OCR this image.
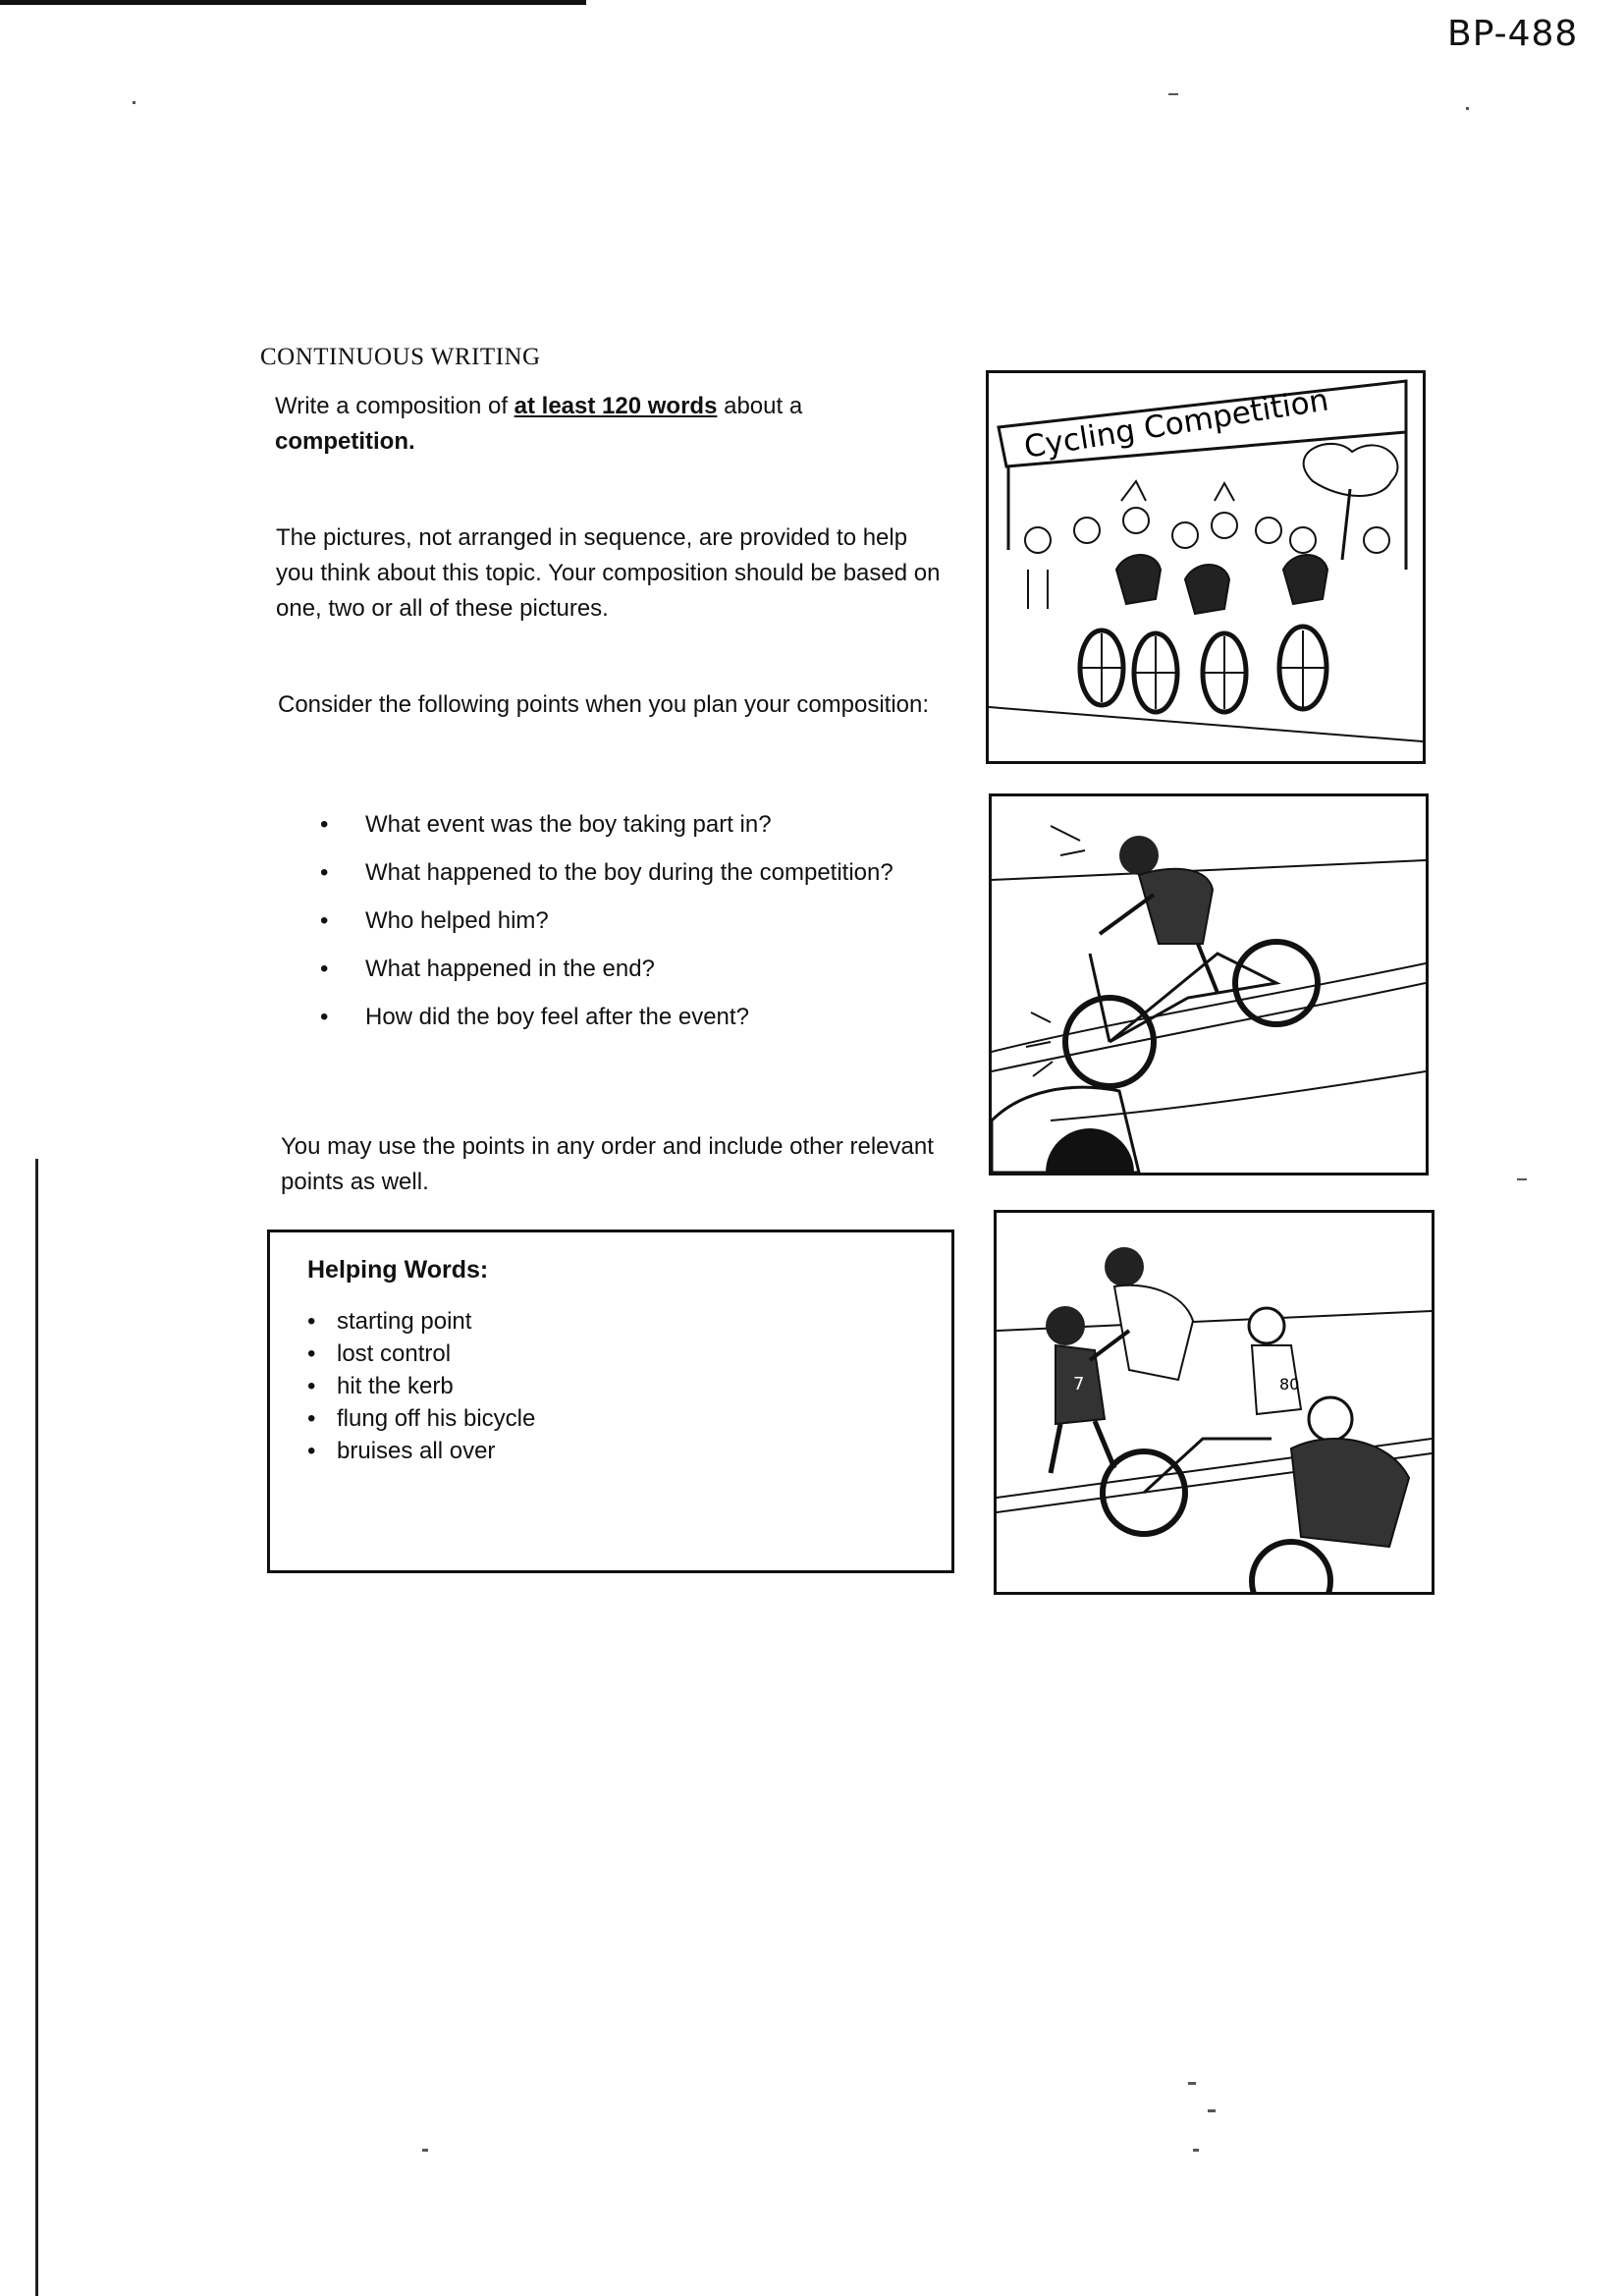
BP-488
CONTINUOUS WRITING
Write a composition of at least 120 words about a
competition.
The pictures, not arranged in sequence, are provided to help you think about this topic. Your composition should be based on one, two or all of these pictures.
Consider the following points when you plan your composition:
• What event was the boy taking part in?
• What happened to the boy during the competition?
• Who helped him?
• What happened in the end?
• How did the boy feel after the event?
You may use the points in any order and include other relevant points as well.
Helping Words:
• starting point
• lost control
• hit the kerb
• flung off his bicycle
• bruises all over
Cycling Competition
7	80
